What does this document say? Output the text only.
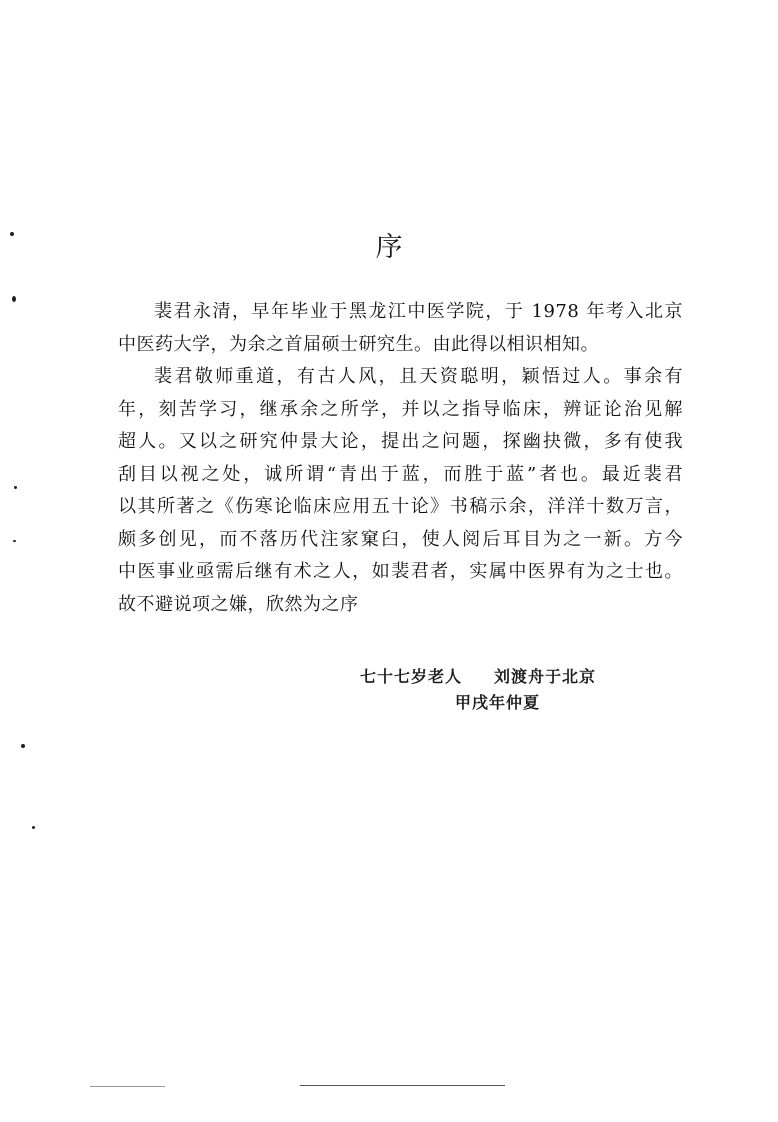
序
裴君永清，早年毕业于黑龙江中医学院，于 1978 年考入北京
中医药大学，为余之首届硕士研究生。由此得以相识相知。
裴君敬师重道，有古人风，且天资聪明，颖悟过人。事余有
年，刻苦学习，继承余之所学，并以之指导临床，辨证论治见解
超人。又以之研究仲景大论，提出之问题，探幽抉微，多有使我
刮目以视之处，诚所谓“青出于蓝，而胜于蓝”者也。最近裴君
以其所著之《伤寒论临床应用五十论》书稿示余，洋洋十数万言，
颇多创见，而不落历代注家窠臼，使人阅后耳目为之一新。方今
中医事业亟需后继有术之人，如裴君者，实属中医界有为之士也。
故不避说项之嫌，欣然为之序
七十七岁老人 刘渡舟于北京
甲戌年仲夏
